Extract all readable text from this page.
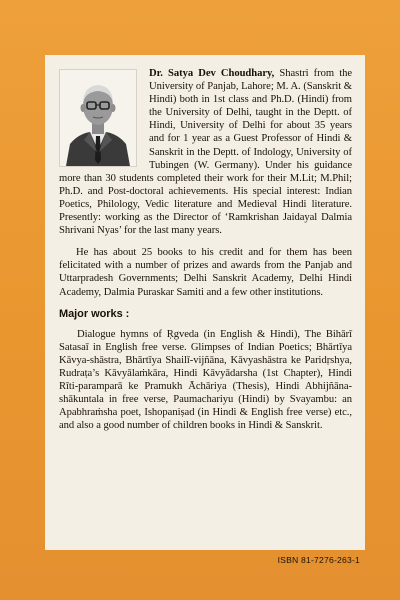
Dr. Satya Dev Choudhary, Shastri from the University of Panjab, Lahore; M. A. (Sanskrit & Hindi) both in 1st class and Ph.D. (Hindi) from the University of Delhi, taught in the Deptt. of Hindi, University of Delhi for about 35 years and for 1 year as a Guest Professor of Hindi & Sanskrit in the Deptt. of Indology, University of Tubingen (W. Germany). Under his guidance more than 30 students completed their work for their M.Lit; M.Phil; Ph.D. and Post-doctoral achievements. His special interest: Indian Poetics, Philology, Vedic literature and Medieval Hindi literature. Presently: working as the Director of ‘Ramkrishan Jaidayal Dalmia Shrivani Nyas’ for the last many years.

He has about 25 books to his credit and for them has been felicitated with a number of prizes and awards from the Panjab and Uttarpradesh Governments; Delhi Sanskrit Academy, Delhi Hindi Academy, Dalmia Puraskar Samiti and a few other institutions.

Major works :

Dialogue hymns of Ṛgveda (in English & Hindi), The Bihārī Satasaī in English free verse. Glimpses of Indian Poetics; Bhārtīya Kāvya-shāstra, Bhārtīya Shailī-vijñāna, Kāvyashāstra ke Paridṛshya, Rudraṭa’s Kāvyālaṁkāra, Hindi Kāvyādarsha (1st Chapter), Hindi Rīti-paramparā ke Pramukh Āchāriya (Thesis), Hindi Abhijñāna-shākuntala in free verse, Paumachariyu (Hindi) by Svayambu: an Apabhraṁsha poet, Ishopaniṣad (in Hindi & English free verse) etc., and also a good number of children books in Hindi & Sanskrit.

ISBN 81-7276-263-1
